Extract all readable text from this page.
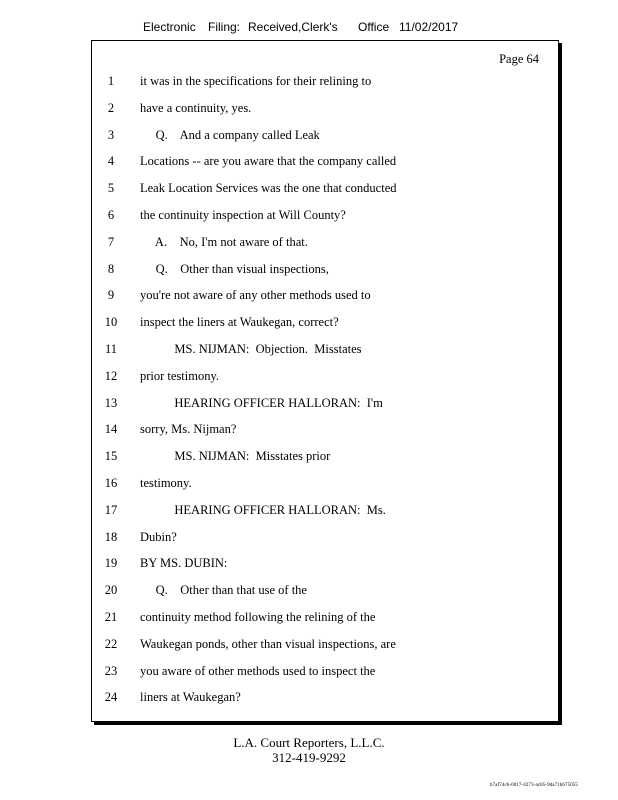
Electronic Filing: Received,Clerk's Office 11/02/2017
Page 64
1	it was in the specifications for their relining to
2	have a continuity, yes.
3	Q.    And a company called Leak
4	Locations -- are you aware that the company called
5	Leak Location Services was the one that conducted
6	the continuity inspection at Will County?
7	A.    No, I'm not aware of that.
8	Q.    Other than visual inspections,
9	you're not aware of any other methods used to
10	inspect the liners at Waukegan, correct?
11	MS. NIJMAN:  Objection.  Misstates
12	prior testimony.
13	HEARING OFFICER HALLORAN:  I'm
14	sorry, Ms. Nijman?
15	MS. NIJMAN:  Misstates prior
16	testimony.
17	HEARING OFFICER HALLORAN:  Ms.
18	Dubin?
19	BY MS. DUBIN:
20	Q.    Other than that use of the
21	continuity method following the relining of the
22	Waukegan ponds, other than visual inspections, are
23	you aware of other methods used to inspect the
24	liners at Waukegan?
L.A. Court Reporters, L.L.C.
312-419-9292
b7af74cb-0017-4273-ac85-9da71b675055
